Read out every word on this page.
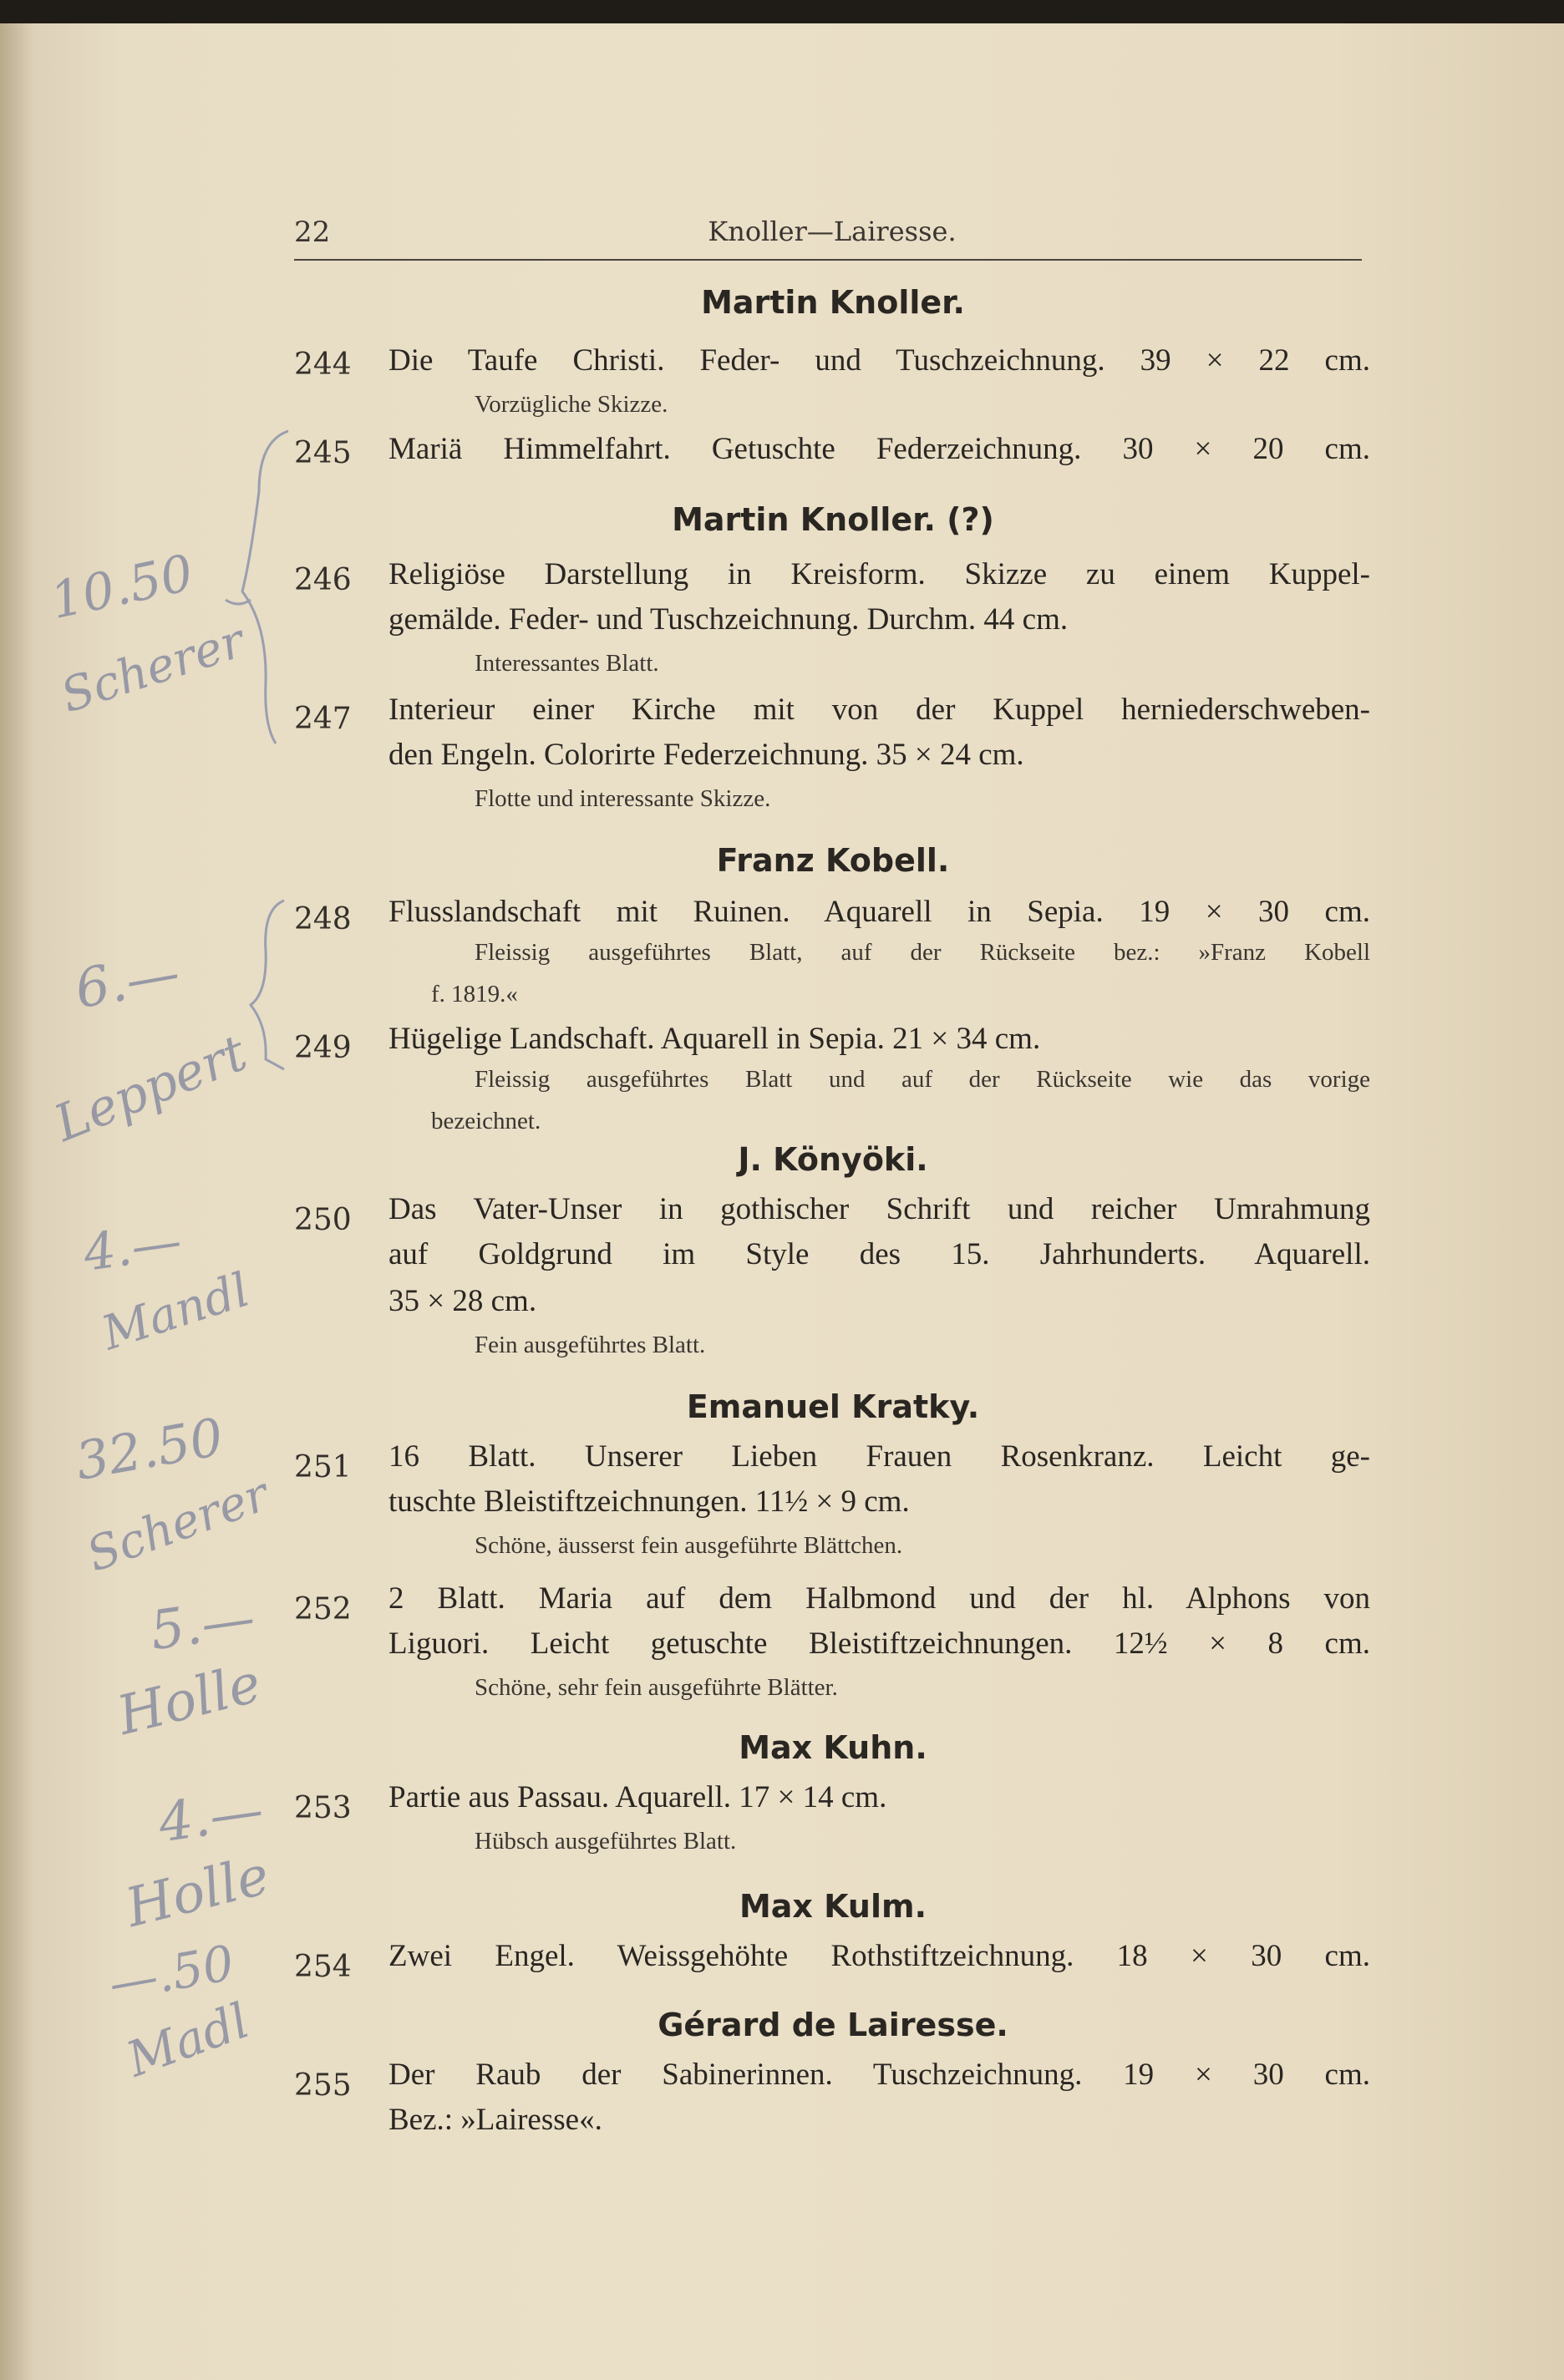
22	Knoller—Lairesse.
Martin Knoller.
244 Die Taufe Christi. Feder- und Tuschzeichnung. 39 × 22 cm.
Vorzügliche Skizze.
245 Mariä Himmelfahrt. Getuschte Federzeichnung. 30 × 20 cm.
Martin Knoller. (?)
246 Religiöse Darstellung in Kreisform. Skizze zu einem Kuppel-
gemälde. Feder- und Tuschzeichnung. Durchm. 44 cm.
Interessantes Blatt.
247 Interieur einer Kirche mit von der Kuppel herniederschweben-
den Engeln. Colorirte Federzeichnung. 35 × 24 cm.
Flotte und interessante Skizze.
Franz Kobell.
248 Flusslandschaft mit Ruinen. Aquarell in Sepia. 19 × 30 cm.
Fleissig ausgeführtes Blatt, auf der Rückseite bez.: »Franz Kobell
f. 1819.«
249 Hügelige Landschaft. Aquarell in Sepia. 21 × 34 cm.
Fleissig ausgeführtes Blatt und auf der Rückseite wie das vorige
bezeichnet.
J. Könyöki.
250 Das Vater-Unser in gothischer Schrift und reicher Umrahmung
auf Goldgrund im Style des 15. Jahrhunderts. Aquarell.
35 × 28 cm.
Fein ausgeführtes Blatt.
Emanuel Kratky.
251 16 Blatt. Unserer Lieben Frauen Rosenkranz. Leicht ge-
tuschte Bleistiftzeichnungen. 11½ × 9 cm.
Schöne, äusserst fein ausgeführte Blättchen.
252 2 Blatt. Maria auf dem Halbmond und der hl. Alphons von
Liguori. Leicht getuschte Bleistiftzeichnungen. 12½ × 8 cm.
Schöne, sehr fein ausgeführte Blätter.
Max Kuhn.
253 Partie aus Passau. Aquarell. 17 × 14 cm.
Hübsch ausgeführtes Blatt.
Max Kulm.
254 Zwei Engel. Weissgehöhte Rothstiftzeichnung. 18 × 30 cm.
Gérard de Lairesse.
255 Der Raub der Sabinerinnen. Tuschzeichnung. 19 × 30 cm.
Bez.: »Lairesse«.
10.50
Scherer
6.—
Leppert
4.—
Mandl
32.50
Scherer
5.—
Holle
4.—
Holle
—.50
Madl
